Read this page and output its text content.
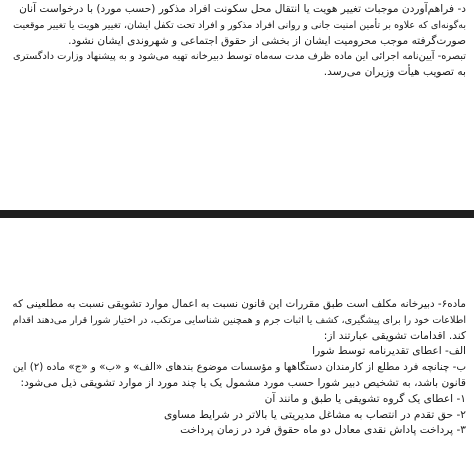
د- فراهم‌آوردن موجبات تغییر هویت یا انتقال محل سکونت افراد مذکور (حسب مورد) با درخواست آنان

به‌گونه‌ای که علاوه بر تأمین امنیت جانی و روانی افراد مذکور و افراد تحت تکفل ایشان، تغییر هویت یا تغییر موقعیت

صورت‌گرفته موجب محرومیت ایشان از بخشی از حقوق اجتماعی و شهروندی ایشان نشود.

تبصره- آیین‌نامه اجرائی این ماده ظرف مدت سه‌ماه توسط دبیرخانه تهیه می‌شود و به پیشنهاد وزارت دادگستری

به تصویب هیأت وزیران می‌رسد.

ماده۶- دبیرخانه مکلف است طبق مقررات این قانون نسبت به اعمال موارد تشویقی نسبت به مطلعینی که

اطلاعات خود را برای پیشگیری، کشف یا اثبات جرم و همچنین شناسایی مرتکب، در اختیار شورا قرار می‌دهند اقدام

کند. اقدامات تشویقی عبارتند از:

الف- اعطای تقدیرنامه توسط شورا

ب- چنانچه فرد مطلع از کارمندان دستگاهها و مؤسسات موضوع بندهای «الف» و «ب» و «ج» ماده (۲) این

قانون باشد، به تشخیص دبیر شورا حسب مورد مشمول یک یا چند مورد از موارد تشویقی ذیل می‌شود:

۱- اعطای یک گروه تشویقی یا طبق و مانند آن

۲- حق تقدم در انتصاب به مشاغل مدیریتی یا بالاتر در شرایط مساوی

۳- پرداخت پاداش نقدی معادل دو ماه حقوق فرد در زمان پرداخت
